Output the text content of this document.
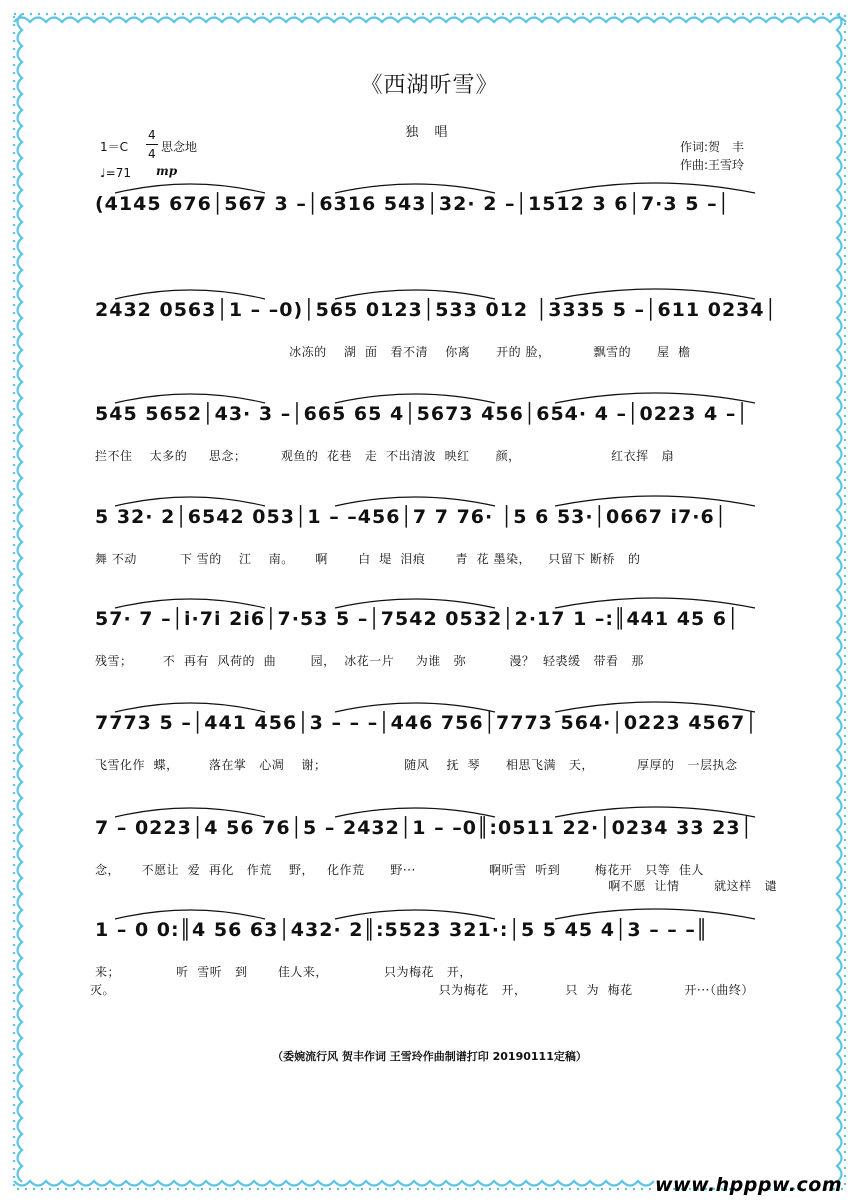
《西湖听雪》
独 唱
1＝C
4
4 思念地
♩=71 mp
作词:贺　丰
作曲:王雪玲
(4145 676│567 3 –│6316 543│32· 2 –│1512 3 6│7·3 5 –│
2432 0563│1 – –0)│565 0123│533 012 │3335 5 –│611 0234│
冰冻的    湖  面   看不清    你离      开的 脸，          飘雪的      屋  檐
545 5652│43· 3 –│665 65 4│5673 456│654· 4 –│0223 4 –│
拦不住    太多的     思念；        观鱼的  花巷   走  不出清波  映红      颜，                     红衣挥   扇
5 32· 2│6542 053│1 – –456│7 7 76· │5 6 53·│0667 i7·6│
舞 不动          下 雪的    江    南。     啊       白  堤  泪痕       青  花 墨染，    只留下 断桥   的
57· 7 –│i·7i 2i6│7·53 5 –│7542 0532│2·17 1 –:║441 45 6│
残雪；       不  再有  风荷的  曲        园，  冰花一片     为谁   弥          漫？  轻裘缓   带看   那
7773 5 –│441 456│3 – – –│446 756│7773 564·│0223 4567│
飞雪化作  蝶，       落在掌   心凋    谢；                  随风    抚  琴      相思飞满   天，          厚厚的   一层执念
7 – 0223│4 56 76│5 – 2432│1 – –0║:0511 22·│0234 33 23│
念，     不愿让  爱  再化   作荒    野，   化作荒      野···                 啊听雪  听到        梅花开   只等  佳人
啊不愿  让情        就这样   谴
1 – 0 0:║4 56 63│432· 2║:5523 321·:│5 5 45 4│3 – – –║
来；             听  雪听   到       佳人来，             只为梅花   开，
灭。                                                                           只为梅花   开，         只  为  梅花            开···（曲终）
（委婉流行风 贺丰作词 王雪玲作曲制谱打印 20190111定稿）
www.hpppw.com
